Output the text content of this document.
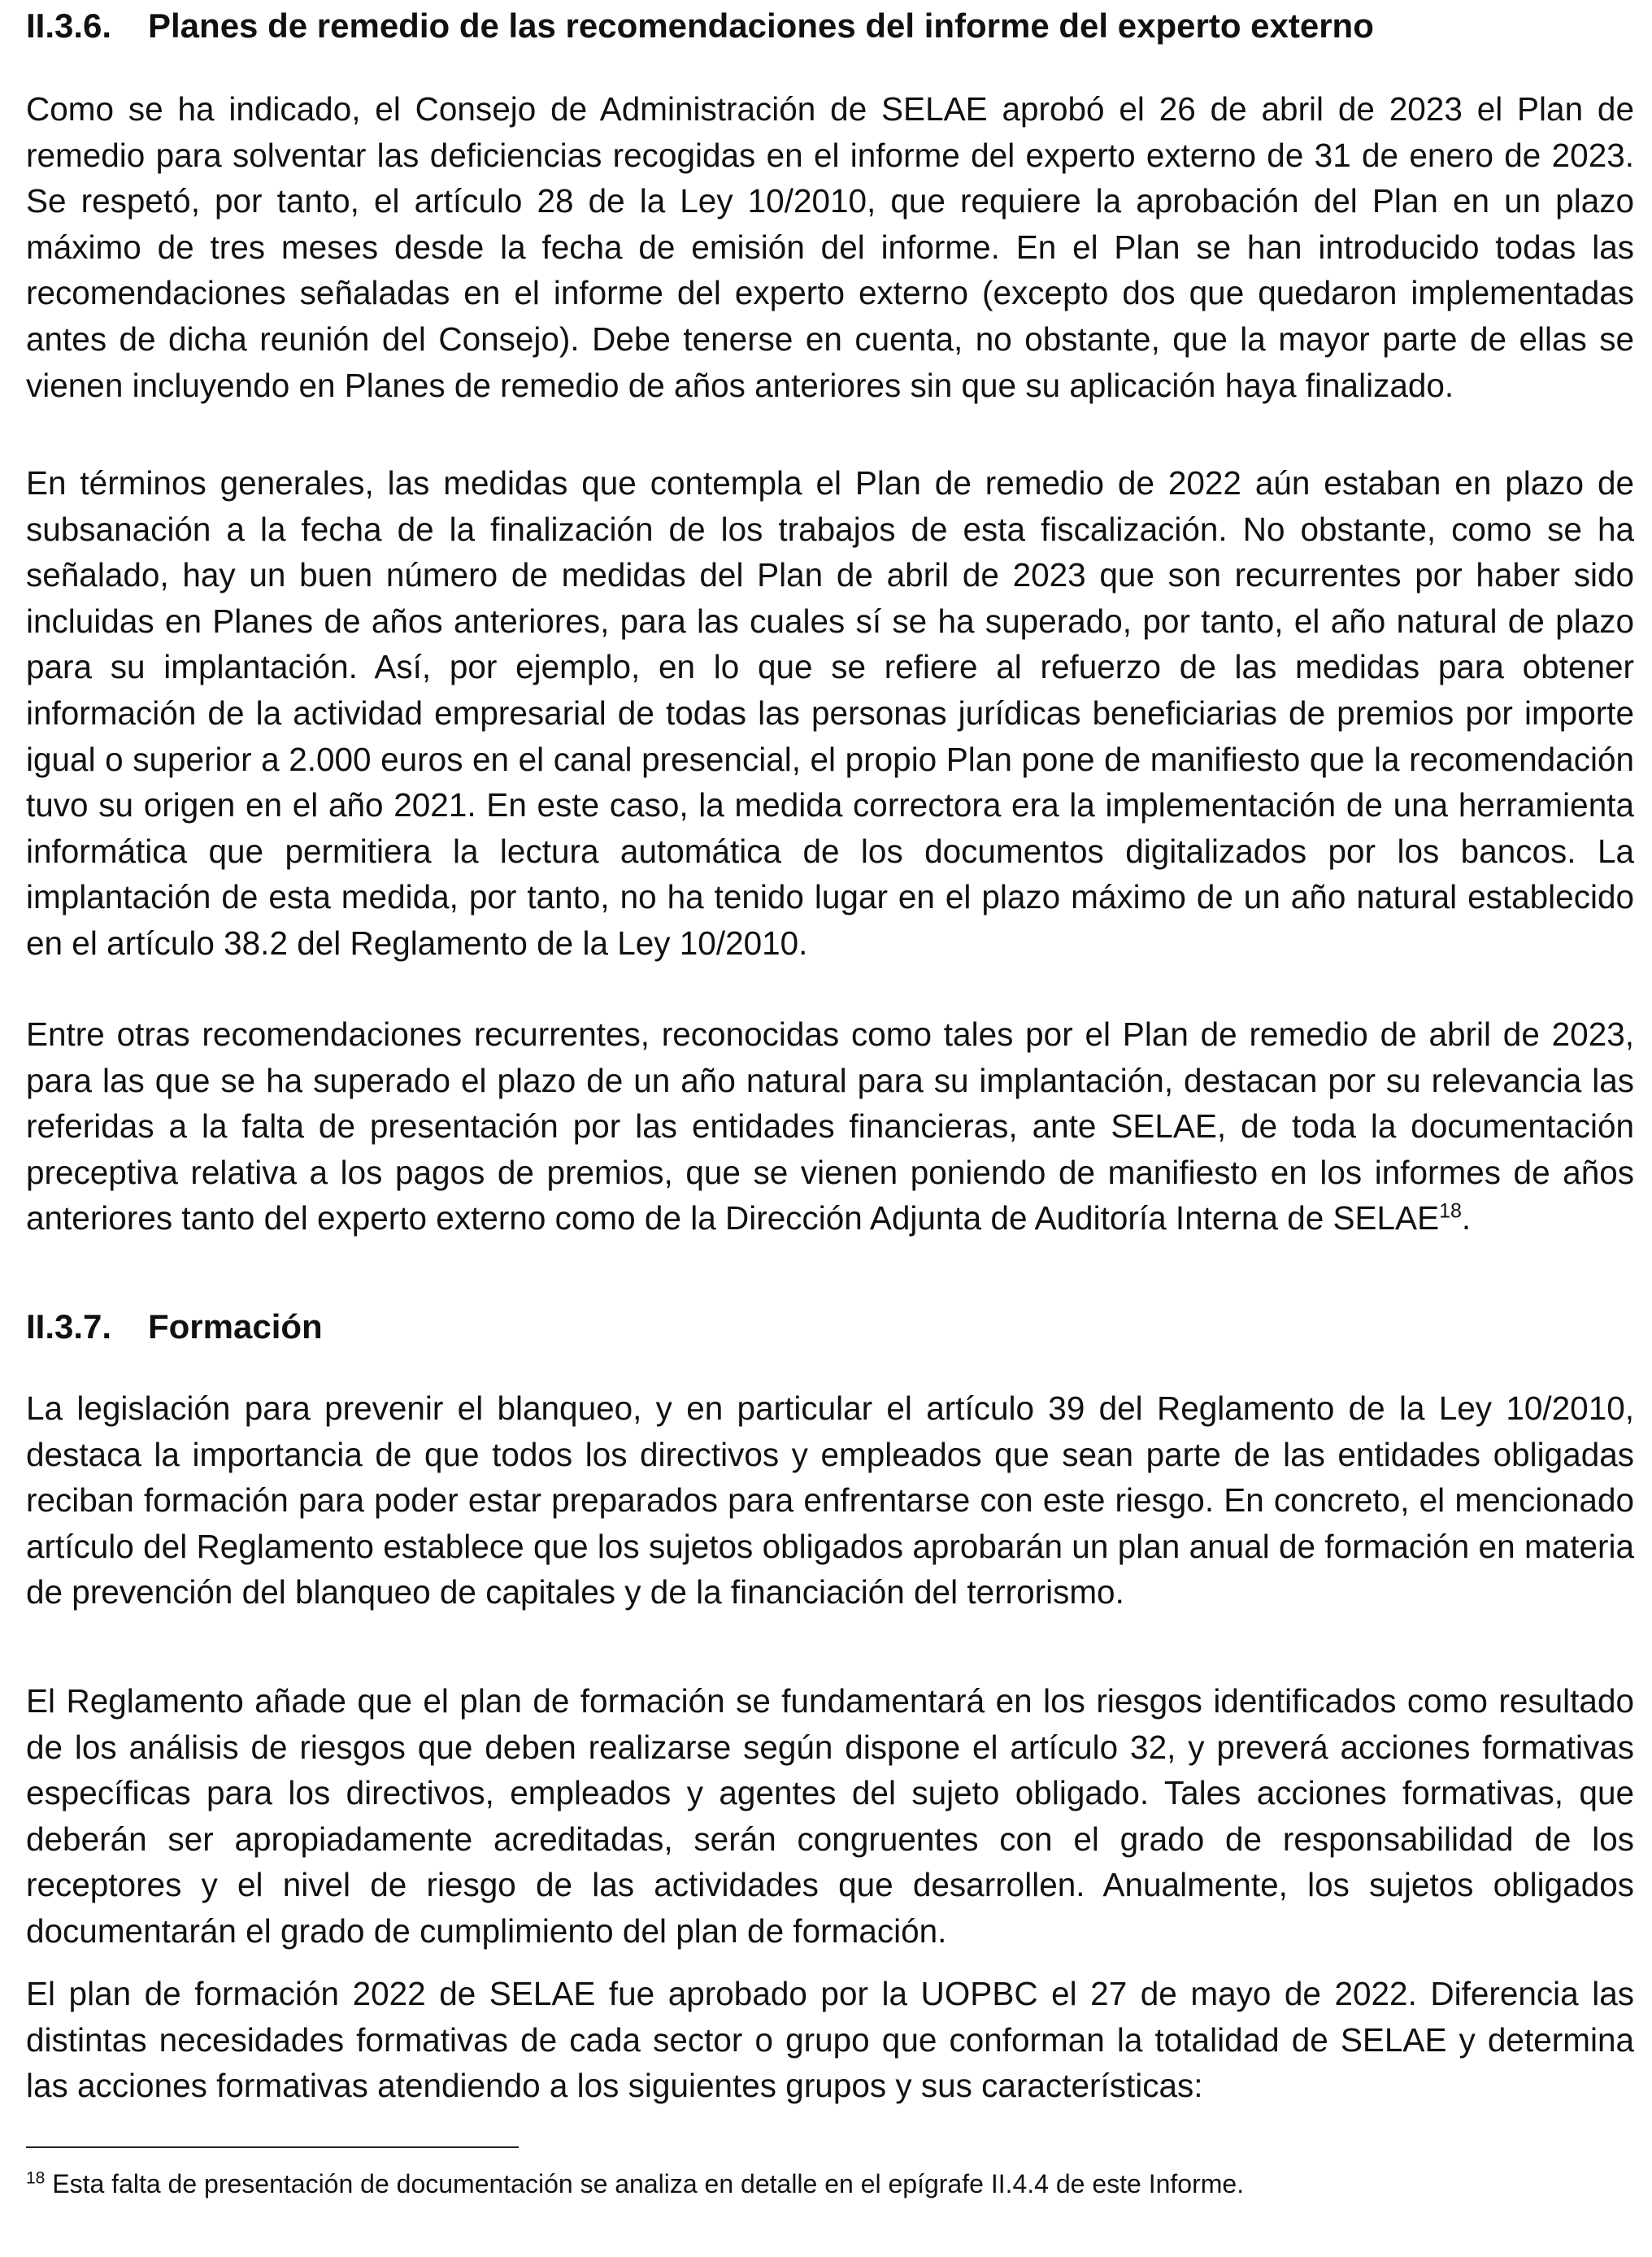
II.3.6.	Planes de remedio de las recomendaciones del informe del experto externo

Como se ha indicado, el Consejo de Administración de SELAE aprobó el 26 de abril de 2023 el Plan de remedio para solventar las deficiencias recogidas en el informe del experto externo de 31 de enero de 2023. Se respetó, por tanto, el artículo 28 de la Ley 10/2010, que requiere la aprobación del Plan en un plazo máximo de tres meses desde la fecha de emisión del informe. En el Plan se han introducido todas las recomendaciones señaladas en el informe del experto externo (excepto dos que quedaron implementadas antes de dicha reunión del Consejo). Debe tenerse en cuenta, no obstante, que la mayor parte de ellas se vienen incluyendo en Planes de remedio de años anteriores sin que su aplicación haya finalizado.

En términos generales, las medidas que contempla el Plan de remedio de 2022 aún estaban en plazo de subsanación a la fecha de la finalización de los trabajos de esta fiscalización. No obstante, como se ha señalado, hay un buen número de medidas del Plan de abril de 2023 que son recurrentes por haber sido incluidas en Planes de años anteriores, para las cuales sí se ha superado, por tanto, el año natural de plazo para su implantación. Así, por ejemplo, en lo que se refiere al refuerzo de las medidas para obtener información de la actividad empresarial de todas las personas jurídicas beneficiarias de premios por importe igual o superior a 2.000 euros en el canal presencial, el propio Plan pone de manifiesto que la recomendación tuvo su origen en el año 2021. En este caso, la medida correctora era la implementación de una herramienta informática que permitiera la lectura automática de los documentos digitalizados por los bancos. La implantación de esta medida, por tanto, no ha tenido lugar en el plazo máximo de un año natural establecido en el artículo 38.2 del Reglamento de la Ley 10/2010.

Entre otras recomendaciones recurrentes, reconocidas como tales por el Plan de remedio de abril de 2023, para las que se ha superado el plazo de un año natural para su implantación, destacan por su relevancia las referidas a la falta de presentación por las entidades financieras, ante SELAE, de toda la documentación preceptiva relativa a los pagos de premios, que se vienen poniendo de manifiesto en los informes de años anteriores tanto del experto externo como de la Dirección Adjunta de Auditoría Interna de SELAE$^{18}$.

II.3.7.	Formación

La legislación para prevenir el blanqueo, y en particular el artículo 39 del Reglamento de la Ley 10/2010, destaca la importancia de que todos los directivos y empleados que sean parte de las entidades obligadas reciban formación para poder estar preparados para enfrentarse con este riesgo. En concreto, el mencionado artículo del Reglamento establece que los sujetos obligados aprobarán un plan anual de formación en materia de prevención del blanqueo de capitales y de la financiación del terrorismo.

El Reglamento añade que el plan de formación se fundamentará en los riesgos identificados como resultado de los análisis de riesgos que deben realizarse según dispone el artículo 32, y preverá acciones formativas específicas para los directivos, empleados y agentes del sujeto obligado. Tales acciones formativas, que deberán ser apropiadamente acreditadas, serán congruentes con el grado de responsabilidad de los receptores y el nivel de riesgo de las actividades que desarrollen. Anualmente, los sujetos obligados documentarán el grado de cumplimiento del plan de formación.

El plan de formación 2022 de SELAE fue aprobado por la UOPBC el 27 de mayo de 2022. Diferencia las distintas necesidades formativas de cada sector o grupo que conforman la totalidad de SELAE y determina las acciones formativas atendiendo a los siguientes grupos y sus características:

$^{18}$ Esta falta de presentación de documentación se analiza en detalle en el epígrafe II.4.4 de este Informe.
